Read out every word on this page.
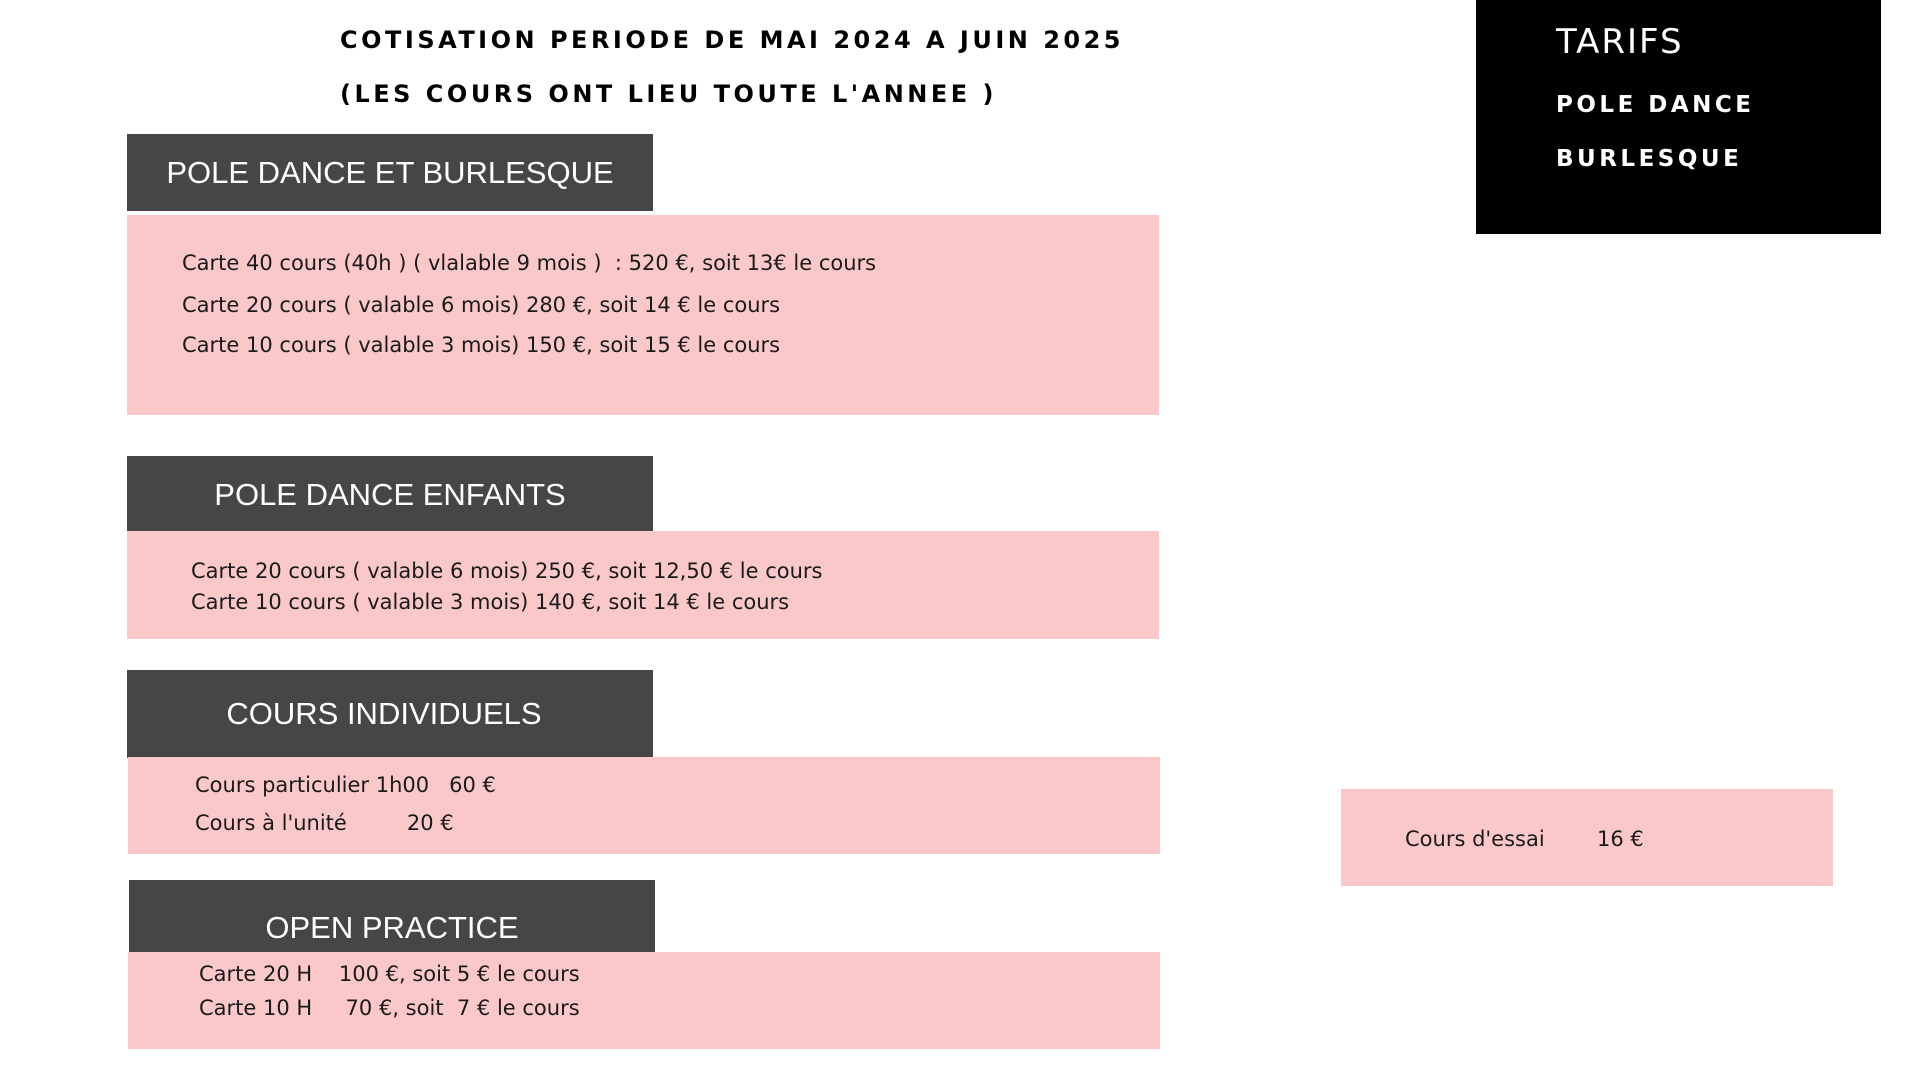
COTISATION PERIODE DE MAI 2024 A JUIN 2025
(LES COURS ONT LIEU TOUTE L'ANNEE )
TARIFS
POLE DANCE
BURLESQUE
POLE DANCE ET BURLESQUE
Carte 40 cours (40h ) ( vlalable 9 mois )  : 520 €, soit 13€ le cours
Carte 20 cours ( valable 6 mois) 280 €, soit 14 € le cours
Carte 10 cours ( valable 3 mois) 150 €, soit 15 € le cours
POLE DANCE ENFANTS
Carte 20 cours ( valable 6 mois) 250 €, soit 12,50 € le cours
Carte 10 cours ( valable 3 mois) 140 €, soit 14 € le cours
COURS INDIVIDUELS
Cours particulier 1h00   60 €
Cours à l'unité         20 €
OPEN PRACTICE
Carte 20 H    100 €, soit 5 € le cours
Carte 10 H     70 €, soit  7 € le cours
Cours d'essai 16 €
